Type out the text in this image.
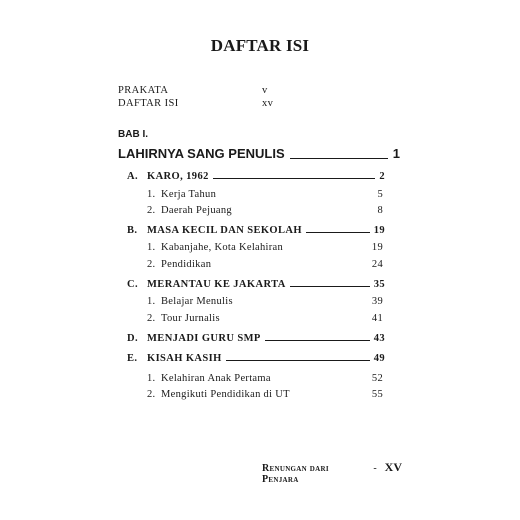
DAFTAR ISI
PRAKATA	v
DAFTAR ISI	xv
BAB I.
LAHIRNYA SANG PENULIS	1
A. KARO, 1962	2
1. Kerja Tahun	5
2. Daerah Pejuang	8
B. MASA KECIL DAN SEKOLAH	19
1. Kabanjahe, Kota Kelahiran	19
2. Pendidikan	24
C. MERANTAU KE JAKARTA	35
1. Belajar Menulis	39
2. Tour Jurnalis	41
D. MENJADI GURU SMP	43
E. KISAH KASIH	49
1. Kelahiran Anak Pertama	52
2. Mengikuti Pendidikan di UT	55
Renungan dari Penjara
- XV
